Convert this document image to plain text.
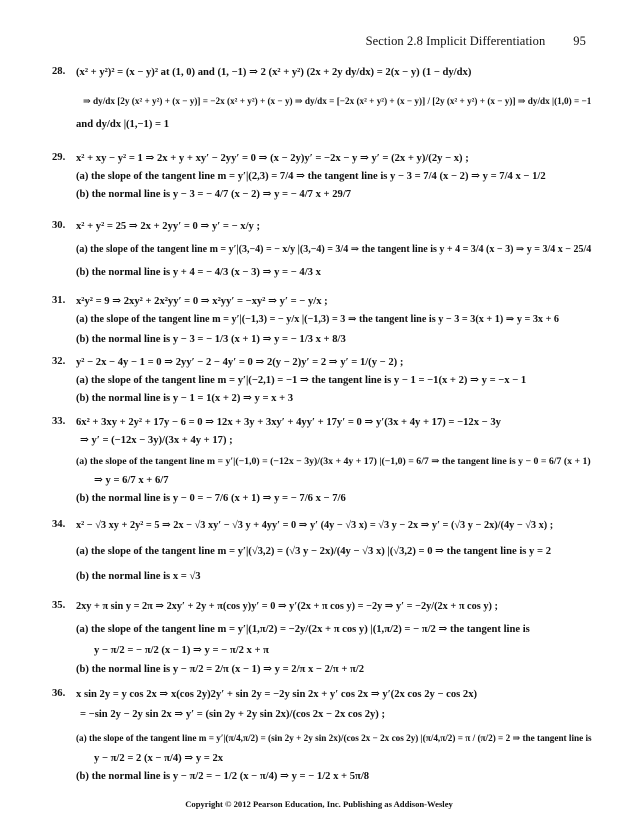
Section 2.8 Implicit Differentiation 95
28. (x² + y²)² = (x − y)² at (1, 0) and (1, −1) ⇒ 2 (x² + y²) (2x + 2y dy/dx) = 2(x − y) (1 − dy/dx)
⇒ dy/dx [2y (x² + y²) + (x − y)] = −2x (x² + y²) + (x − y) ⇒ dy/dx = [−2x (x² + y²) + (x − y)] / [2y (x² + y²) + (x − y)] ⇒ dy/dx |(1,0) = −1
and dy/dx |(1,−1) = 1
29. x² + xy − y² = 1 ⇒ 2x + y + xy′ − 2yy′ = 0 ⇒ (x − 2y)y′ = −2x − y ⇒ y′ = (2x + y)/(2y − x) ;
(a) the slope of the tangent line m = y′|(2,3) = 7/4 ⇒ the tangent line is y − 3 = 7/4 (x − 2) ⇒ y = 7/4 x − 1/2
(b) the normal line is y − 3 = − 4/7 (x − 2) ⇒ y = − 4/7 x + 29/7
30. x² + y² = 25 ⇒ 2x + 2yy′ = 0 ⇒ y′ = − x/y ;
(a) the slope of the tangent line m = y′|(3,−4) = − x/y |(3,−4) = 3/4 ⇒ the tangent line is y + 4 = 3/4 (x − 3) ⇒ y = 3/4 x − 25/4
(b) the normal line is y + 4 = − 4/3 (x − 3) ⇒ y = − 4/3 x
31. x²y² = 9 ⇒ 2xy² + 2x²yy′ = 0 ⇒ x²yy′ = −xy² ⇒ y′ = − y/x ;
(a) the slope of the tangent line m = y′|(−1,3) = − y/x |(−1,3) = 3 ⇒ the tangent line is y − 3 = 3(x + 1) ⇒ y = 3x + 6
(b) the normal line is y − 3 = − 1/3 (x + 1) ⇒ y = − 1/3 x + 8/3
32. y² − 2x − 4y − 1 = 0 ⇒ 2yy′ − 2 − 4y′ = 0 ⇒ 2(y − 2)y′ = 2 ⇒ y′ = 1/(y − 2) ;
(a) the slope of the tangent line m = y′|(−2,1) = −1 ⇒ the tangent line is y − 1 = −1(x + 2) ⇒ y = −x − 1
(b) the normal line is y − 1 = 1(x + 2) ⇒ y = x + 3
33. 6x² + 3xy + 2y² + 17y − 6 = 0 ⇒ 12x + 3y + 3xy′ + 4yy′ + 17y′ = 0 ⇒ y′(3x + 4y + 17) = −12x − 3y
⇒ y′ = (−12x − 3y)/(3x + 4y + 17) ;
(a) the slope of the tangent line m = y′|(−1,0) = (−12x − 3y)/(3x + 4y + 17) |(−1,0) = 6/7 ⇒ the tangent line is y − 0 = 6/7 (x + 1)
⇒ y = 6/7 x + 6/7
(b) the normal line is y − 0 = − 7/6 (x + 1) ⇒ y = − 7/6 x − 7/6
34. x² − √3 xy + 2y² = 5 ⇒ 2x − √3 xy′ − √3 y + 4yy′ = 0 ⇒ y′ (4y − √3 x) = √3 y − 2x ⇒ y′ = (√3 y − 2x)/(4y − √3 x) ;
(a) the slope of the tangent line m = y′|(√3,2) = (√3 y − 2x)/(4y − √3 x) |(√3,2) = 0 ⇒ the tangent line is y = 2
(b) the normal line is x = √3
35. 2xy + π sin y = 2π ⇒ 2xy′ + 2y + π(cos y)y′ = 0 ⇒ y′(2x + π cos y) = −2y ⇒ y′ = −2y/(2x + π cos y) ;
(a) the slope of the tangent line m = y′|(1,π/2) = −2y/(2x + π cos y) |(1,π/2) = − π/2 ⇒ the tangent line is
y − π/2 = − π/2 (x − 1) ⇒ y = − π/2 x + π
(b) the normal line is y − π/2 = 2/π (x − 1) ⇒ y = 2/π x − 2/π + π/2
36. x sin 2y = y cos 2x ⇒ x(cos 2y)2y′ + sin 2y = −2y sin 2x + y′ cos 2x ⇒ y′(2x cos 2y − cos 2x)
= −sin 2y − 2y sin 2x ⇒ y′ = (sin 2y + 2y sin 2x)/(cos 2x − 2x cos 2y) ;
(a) the slope of the tangent line m = y′|(π/4,π/2) = (sin 2y + 2y sin 2x)/(cos 2x − 2x cos 2y) |(π/4,π/2) = π / (π/2) = 2 ⇒ the tangent line is
y − π/2 = 2 (x − π/4) ⇒ y = 2x
(b) the normal line is y − π/2 = − 1/2 (x − π/4) ⇒ y = − 1/2 x + 5π/8
Copyright © 2012 Pearson Education, Inc. Publishing as Addison-Wesley
